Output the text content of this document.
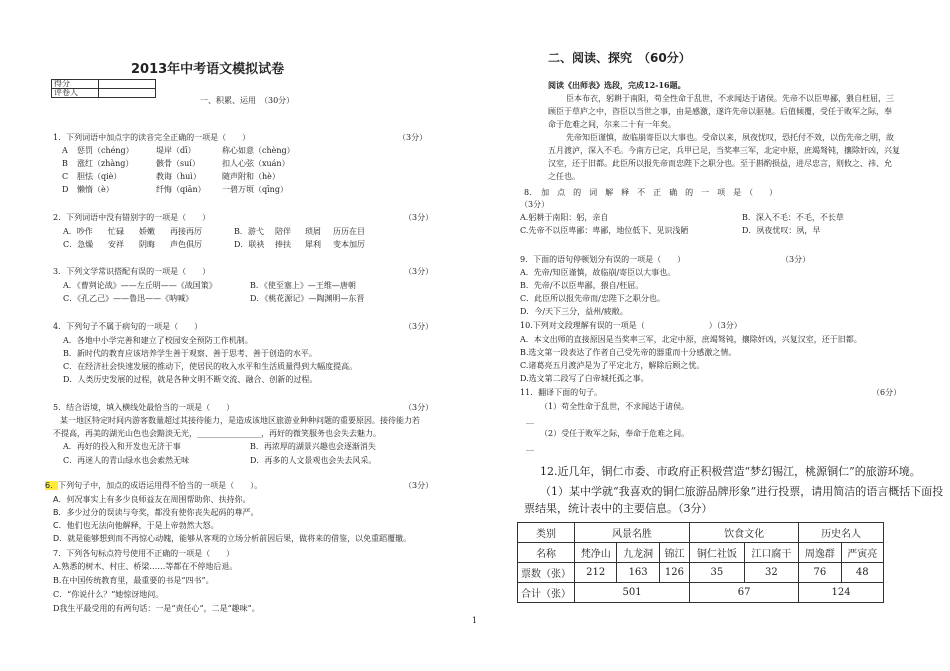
2013年中考语文模拟试卷
得分	
评卷人	
一、积累、运用　（30分）
1．下列词语中加点字的读音完全正确的一项是（　　）	（3分）
A 惩罚（chéng）	堤岸（dī）	称心如意（chèng）
B 涨红（zhàng）	骸骨（suí）	扣人心弦（xuán）
C 胆怯（qiè）	教诲（huì）	随声附和（hè）
D 懒惰（è）	纤悔（qiān） 一碧万顷（qīng）
2．下列词语中没有错别字的一项是（　　）	（3分）
A．吵作 忙碌 娇嫩 再接再厉	B．游弋 陪伴 琐屑 历历在目
C．急燥 安祥 阴晦 声色俱厉	D．联袂 捧扶 犀利 变本加厉
3．下列文学常识搭配有误的一项是（　　）	（3分）
A．《曹刿论战》——左丘明——《战国策》	B．《使至塞上》—王维—唐朝
C．《孔乙己》——鲁迅——《呐喊》	D．《桃花源记》—陶渊明—东晋
4．下列句子不属于病句的一项是（　　）	（3分）
A．各地中小学完善和建立了校园安全预防工作机制。
B．新时代的教育应该培养学生善于观察、善于思考、善于创造的水平。
C．在经济社会快速发展的推动下，使居民的收入水平和生活质量得到大幅度提高。
D．人类历史发展的过程，就是各种文明不断交流、融合、创新的过程。
5．结合语境，填入横线处最恰当的一项是（　　）	（3分）
某一地区特定时间内游客数量超过其接待能力，是造成该地区旅游业种种问题的重要原因。接待能力若
不提高，再美的湖光山色也会黯淡无光，________________，再好的微笑服务也会失去魅力。
A．再好的投入和开发也无济于事	B．再浓厚的湖景兴趣也会逐渐消失
C．再迷人的青山绿水也会索然无味	D．再多的人文景观也会失去风采。
6．下列句子中，加点的成语运用得不恰当的一项是（　　）。	（3分）
A．何况事实上有多少良师益友在周围帮助你、扶持你。
B．多少过分的误读与夸奖，都没有使你丧失起码的尊严。
C．他们也无法向他解释，于是上帝勃然大怒。
D．就是能够想到而不再惊心动魄，能够从客观的立场分析前因后果，做将来的借鉴，以免重蹈覆辙。
7．下列各句标点符号使用不正确的一项是（　　）
A.熟悉的树木、村庄、桥梁……等都在不停地后退。
B.在中国传统教育里，最重要的书是“四书”。
C．“你说什么？”她惊讶地问。
D我生平最受用的有两句话：一是“责任心”，二是“趣味”。
二、阅读、探究　（60分）
阅读《出师表》选段，完成12-16题。
臣本布衣，躬耕于南阳，苟全性命于乱世，不求闻达于诸侯。先帝不以臣卑鄙，猥自枉屈，三
顾臣于草庐之中，咨臣以当世之事，由是感激，遂许先帝以驱驰。后值倾覆，受任于败军之际，奉
命于危难之间，尔来二十有一年矣。
先帝知臣谨慎，故临崩寄臣以大事也。受命以来，夙夜忧叹，恐托付不效，以伤先帝之明，故
五月渡泸，深入不毛。今南方已定，兵甲已足，当奖率三军，北定中原，庶竭驽钝，攘除奸凶，兴复
汉室，还于旧都。此臣所以报先帝而忠陛下之职分也。至于斟酌损益，进尽忠言，则攸之、祎、允
之任也。
8．　加　点　的　词　解　释　不　正　确　的　一　项　是　（　　）
（3分）
A.躬耕于南阳：躬，亲自	B．深入不毛：不毛，不长草
C.先帝不以臣卑鄙：卑鄙，地位低下、见识浅陋	D．夙夜忧叹：夙，早
9．下面的语句停顿划分有误的一项是（　　）	（3分）
A．先帝/知臣谨慎，故临崩/寄臣以大事也。
B．先帝/不以臣卑鄙，猥自/枉屈。
C．此臣所以报先帝而/忠陛下之职分也。
D．今/天下三分，益州/疲敝。
10.下列对文段理解有误的一项是（　　　　　　　　）（3分）
A．本文出师的直接原因是当奖率三军，北定中原，庶竭驽钝，攘除奸凶，兴复汉室，还于旧都。
B.选文第一段表达了作者自己受先帝的器重而十分感激之情。
C.诸葛亮五月渡泸是为了平定北方，解除后顾之忧。
D.选文第二段写了白帝城托孤之事。
11．翻译下面的句子。	（6分）
（1）苟全性命于乱世，不求闻达于诸侯。
＿
（2）受任于败军之际，奉命于危难之间。
＿
12.近几年，铜仁市委、市政府正积极营造“梦幻锡江，桃源铜仁”的旅游环境。
（1）某中学就“我喜欢的铜仁旅游品牌形象”进行投票，请用简洁的语言概括下面投
票结果，统计表中的主要信息。（3分）
类别	风景名胜			饮食文化		历史名人	
名称	梵净山	九龙洞	锦江	铜仁社饭	江口腐干	周逸群	严寅亮
票数（张）	212	163	126	35	32	76	48
合计（张）	501			67		124	
1
